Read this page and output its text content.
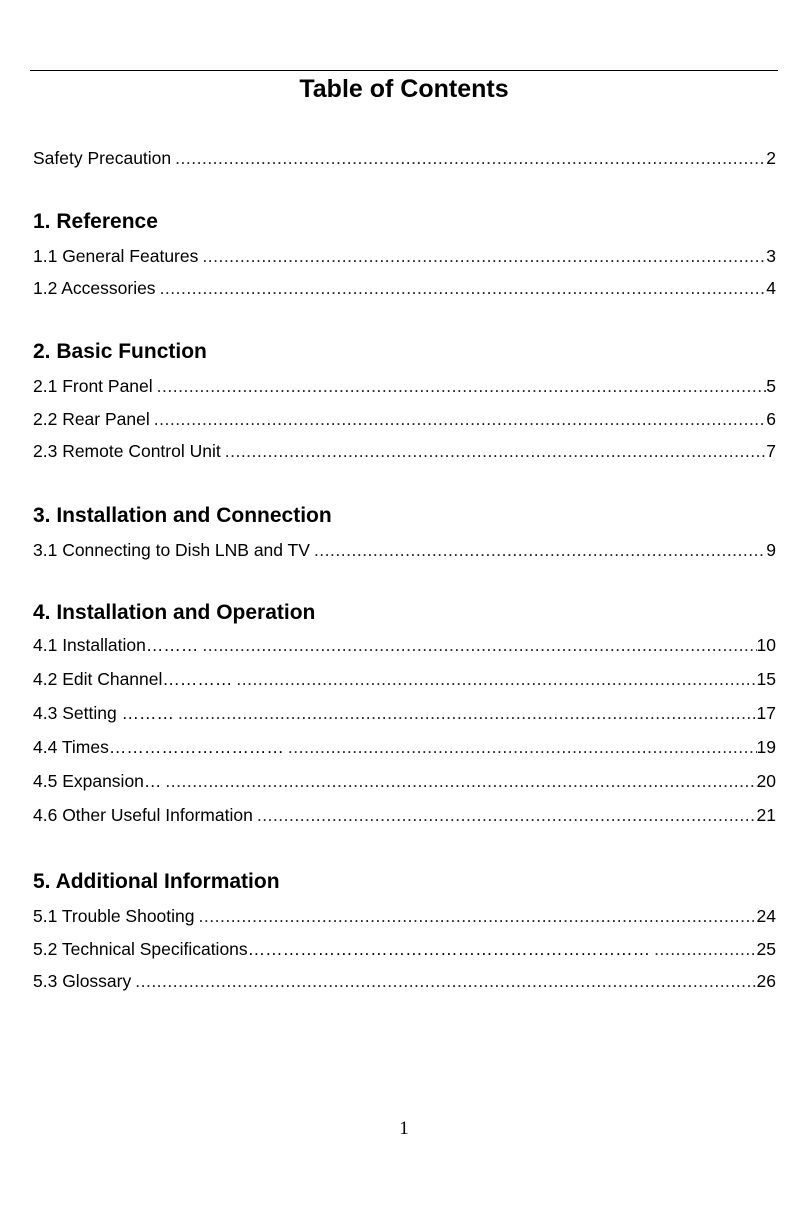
Table of Contents
Safety Precaution .....	2
1. Reference
1.1 General Features .....	3
1.2 Accessories .....	4
2. Basic Function
2.1 Front Panel .....	5
2.2 Rear Panel .....	6
2.3 Remote Control Unit .....	7
3. Installation and Connection
3.1 Connecting to Dish LNB and TV .....	9
4. Installation and Operation
4.1 Installation……… .....	10
4.2 Edit Channel………… .....	15
4.3 Setting ……… .....	17
4.4 Times………………………… .....	19
4.5 Expansion… .....	20
4.6 Other Useful Information .....	21
5. Additional Information
5.1 Trouble Shooting .....	24
5.2 Technical Specifications…………………………………………………………… .....	25
5.3 Glossary .....	26
1
